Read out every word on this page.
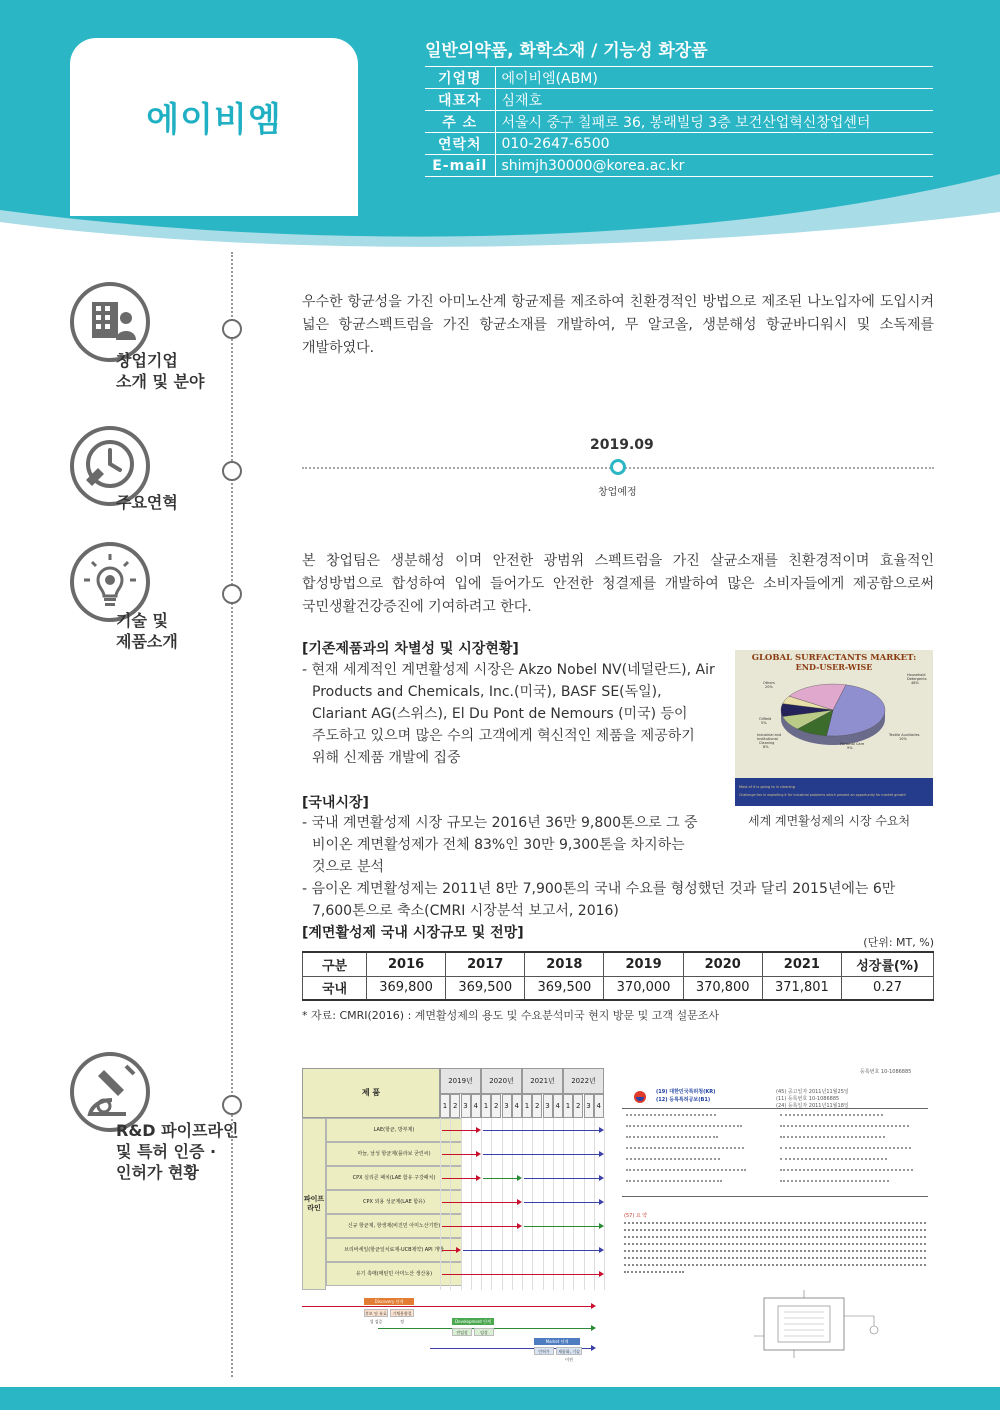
에이비엠
일반의약품, 화학소재 / 기능성 화장품
기업명	에이비엠(ABM)
대표자	심재호
주 소	서울시 중구 칠패로 36, 봉래빌딩 3층 보건산업혁신창업센터
연락처	010-2647-6500
E-mail	shimjh30000@korea.ac.kr
창업기업
소개 및 분야
주요연혁
기술 및
제품소개
R&D 파이프라인
및 특허 인증 ·
인허가 현황
우수한 항균성을 가진 아미노산계 항균제를 제조하여 친환경적인 방법으로 제조된 나노입자에 도입시켜 넓은 항균스펙트럼을 가진 항균소재를 개발하여, 무 알코올, 생분해성 항균바디워시 및 소독제를 개발하였다.
2019.09
창업예정
본 창업팀은 생분해성 이며 안전한 광범위 스펙트럼을 가진 살균소재를 친환경적이며 효율적인 합성방법으로 합성하여 입에 들어가도 안전한 청결제를 개발하여 많은 소비자들에게 제공함으로써 국민생활건강증진에 기여하려고 한다.
[기존제품과의 차별성 및 시장현황]
- 현재 세계적인 계면활성제 시장은 Akzo Nobel NV(네덜란드), Air Products and Chemicals, Inc.(미국), BASF SE(독일), Clariant AG(스위스), El Du Pont de Nemours (미국) 등이 주도하고 있으며 많은 수의 고객에게 혁신적인 제품을 제공하기 위해 신제품 개발에 집중
GLOBAL SURFACTANTS MARKET:
END-USER-WISE
Others 20%
Household Detergents 48%
Oilfield 5%
Industrial and Institutional Cleaning 8%
Personal Care 9%
Textile Auxiliaries 10%
Most of it is going to in cleaning
Challenge lies in exploiting it for industrial problems which present an opportunity for market growth
세계 계면활성제의 시장 수요처
[국내시장]
- 국내 계면활성제 시장 규모는 2016년 36만 9,800톤으로 그 중 비이온 계면활성제가 전체 83%인 30만 9,300톤을 차지하는 것으로 분석
- 음이온 계면활성제는 2011년 8만 7,900톤의 국내 수요를 형성했던 것과 달리 2015년에는 6만 7,600톤으로 축소(CMRI 시장분석 보고서, 2016)
[계면활성제 국내 시장규모 및 전망]
(단위: MT, %)
구분	2016	2017	2018	2019	2020	2021	성장률(%)
국내	369,800	369,500	369,500	370,000	370,800	371,801	0.27
* 자료: CMRI(2016) : 계면활성제의 용도 및 수요분석미국 현지 방문 및 고객 설문조사
제 품
2019년	2020년	2021년	2022년
1 2 3 4 1 2 3 4 1 2 3 4 1 2 3 4
파이프
라인
LAE(항균, 방부제)
마늘, 날성 항균제(플라보 굳린씨)
CPX 실리콘 패치(LAE 함유 구강패치)
CPX 외용 성균제(LAE 함유)
신규 항균제, 항생제(비진민 아미노산기반)
브리바세일(항균일치료제-UCB제약) API 개발
유기 촉매(메틴민 아미노산 생산용)
Discovery 단계
후보 및 유효성 검증
기체용량결정	Development 단계
전임상	임상
Market 단계
인허가	제품화, 기술이전
등록번호 10-1086885
(19) 대한민국특허청(KR)
(12) 등록특허공보(B1)
(45) 공고일자 2011년11월25일
(11) 등록번호 10-1086885
(24) 등록일자 2011년11월18일
(57) 요 약
